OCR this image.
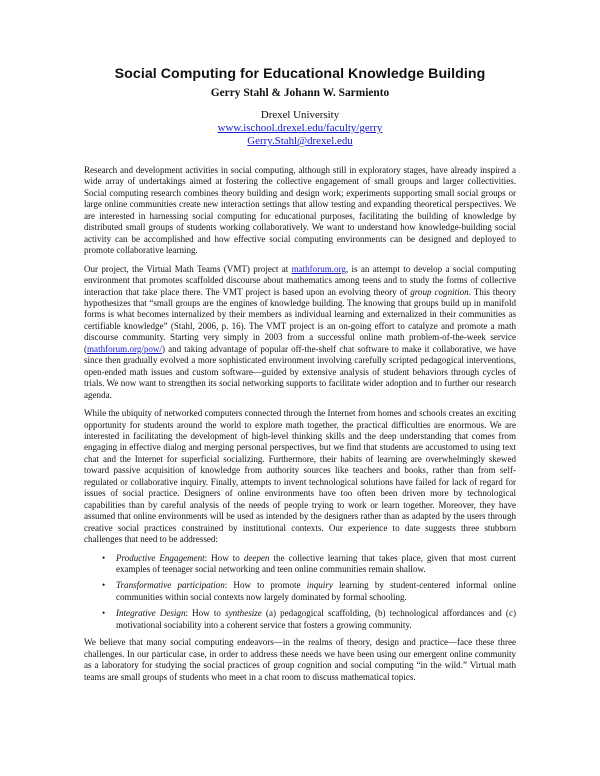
Social Computing for Educational Knowledge Building
Gerry Stahl & Johann W. Sarmiento
Drexel University
www.ischool.drexel.edu/faculty/gerry
Gerry.Stahl@drexel.edu

Research and development activities in social computing, although still in exploratory stages, have already inspired a wide array of undertakings aimed at fostering the collective engagement of small groups and larger collectivities. Social computing research combines theory building and design work; experiments supporting small social groups or large online communities create new interaction settings that allow testing and expanding theoretical perspectives. We are interested in harnessing social computing for educational purposes, facilitating the building of knowledge by distributed small groups of students working collaboratively. We want to understand how knowledge-building social activity can be accomplished and how effective social computing environments can be designed and deployed to promote collaborative learning.

Our project, the Virtual Math Teams (VMT) project at mathforum.org, is an attempt to develop a social computing environment that promotes scaffolded discourse about mathematics among teens and to study the forms of collective interaction that take place there. The VMT project is based upon an evolving theory of group cognition. This theory hypothesizes that “small groups are the engines of knowledge building. The knowing that groups build up in manifold forms is what becomes internalized by their members as individual learning and externalized in their communities as certifiable knowledge” (Stahl, 2006, p. 16). The VMT project is an on-going effort to catalyze and promote a math discourse community. Starting very simply in 2003 from a successful online math problem-of-the-week service (mathforum.org/pow/) and taking advantage of popular off-the-shelf chat software to make it collaborative, we have since then gradually evolved a more sophisticated environment involving carefully scripted pedagogical interventions, open-ended math issues and custom software—guided by extensive analysis of student behaviors through cycles of trials. We now want to strengthen its social networking supports to facilitate wider adoption and to further our research agenda.

While the ubiquity of networked computers connected through the Internet from homes and schools creates an exciting opportunity for students around the world to explore math together, the practical difficulties are enormous. We are interested in facilitating the development of high-level thinking skills and the deep understanding that comes from engaging in effective dialog and merging personal perspectives, but we find that students are accustomed to using text chat and the Internet for superficial socializing. Furthermore, their habits of learning are overwhelmingly skewed toward passive acquisition of knowledge from authority sources like teachers and books, rather than from self-regulated or collaborative inquiry. Finally, attempts to invent technological solutions have failed for lack of regard for issues of social practice. Designers of online environments have too often been driven more by technological capabilities than by careful analysis of the needs of people trying to work or learn together. Moreover, they have assumed that online environments will be used as intended by the designers rather than as adapted by the users through creative social practices constrained by institutional contexts. Our experience to date suggests three stubborn challenges that need to be addressed:

• Productive Engagement: How to deepen the collective learning that takes place, given that most current examples of teenager social networking and teen online communities remain shallow.
• Transformative participation: How to promote inquiry learning by student-centered informal online communities within social contexts now largely dominated by formal schooling.
• Integrative Design: How to synthesize (a) pedagogical scaffolding, (b) technological affordances and (c) motivational sociability into a coherent service that fosters a growing community.

We believe that many social computing endeavors—in the realms of theory, design and practice—face these three challenges. In our particular case, in order to address these needs we have been using our emergent online community as a laboratory for studying the social practices of group cognition and social computing “in the wild.” Virtual math teams are small groups of students who meet in a chat room to discuss mathematical topics.
